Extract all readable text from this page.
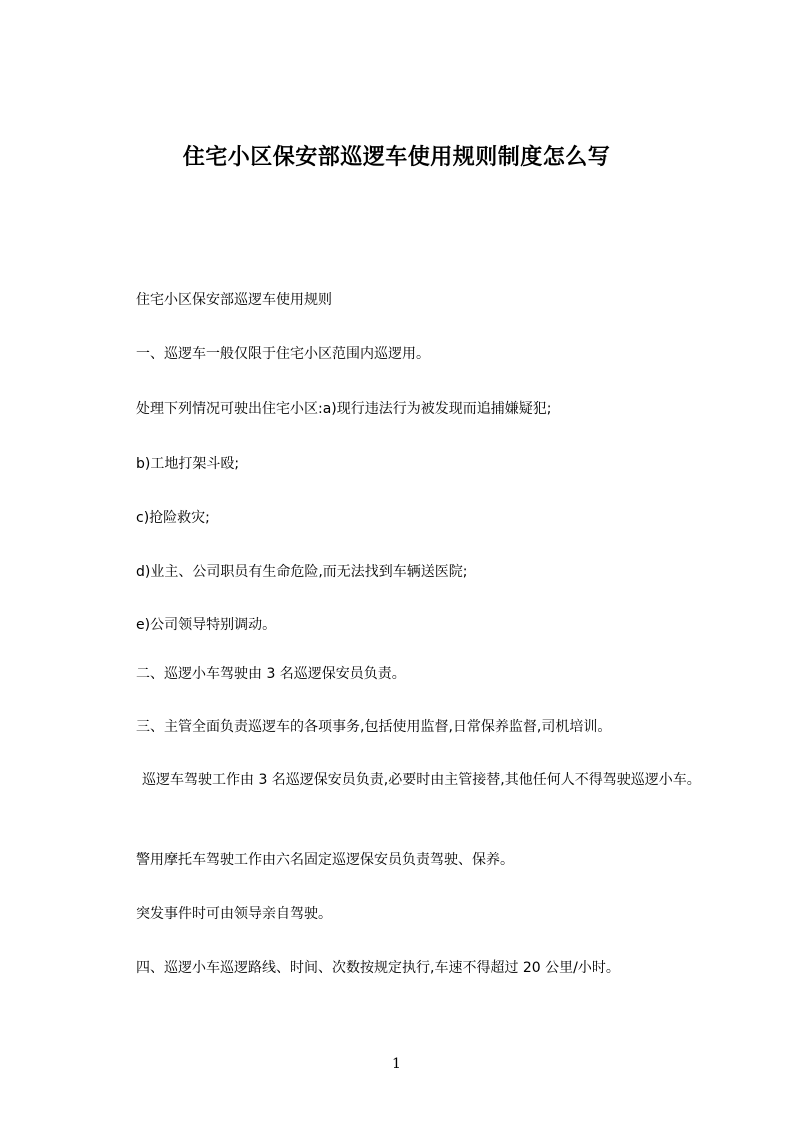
住宅小区保安部巡逻车使用规则制度怎么写
住宅小区保安部巡逻车使用规则
一、巡逻车一般仅限于住宅小区范围内巡逻用。
处理下列情况可驶出住宅小区:a)现行违法行为被发现而追捕嫌疑犯;
b)工地打架斗殴;
c)抢险救灾;
d)业主、公司职员有生命危险,而无法找到车辆送医院;
e)公司领导特别调动。
二、巡逻小车驾驶由 3 名巡逻保安员负责。
三、主管全面负责巡逻车的各项事务,包括使用监督,日常保养监督,司机培训。
巡逻车驾驶工作由 3 名巡逻保安员负责,必要时由主管接替,其他任何人不得驾驶巡逻小车。
警用摩托车驾驶工作由六名固定巡逻保安员负责驾驶、保养。
突发事件时可由领导亲自驾驶。
四、巡逻小车巡逻路线、时间、次数按规定执行,车速不得超过 20 公里/小时。
1
